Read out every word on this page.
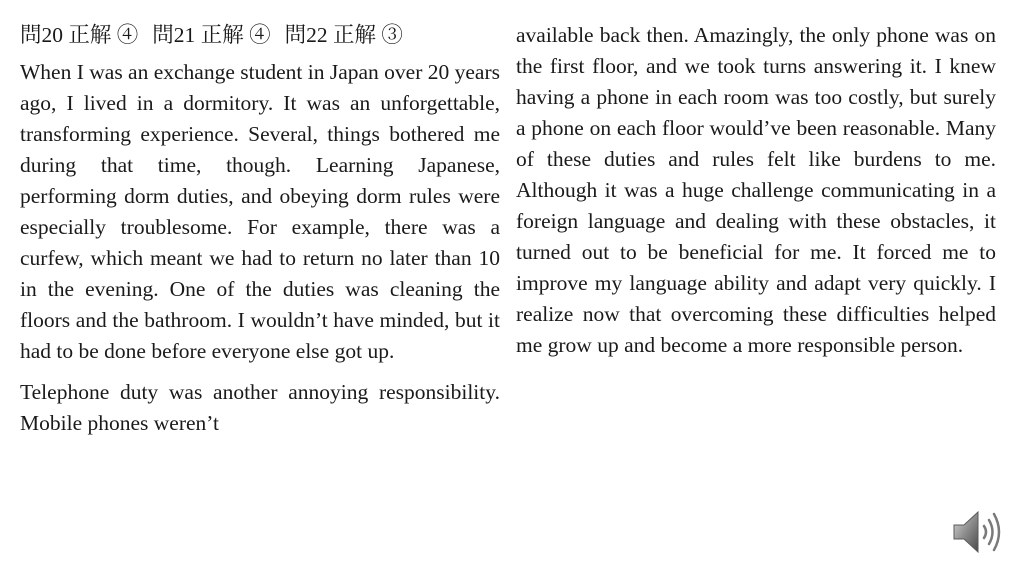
問20 正解 ④ 問21 正解 ④ 問22 正解 ③

When I was an exchange student in Japan over 20 years ago, I lived in a dormitory. It was an unforgettable, transforming experience. Several, things bothered me during that time, though. Learning Japanese, performing dorm duties, and obeying dorm rules were especially troublesome. For example, there was a curfew, which meant we had to return no later than 10 in the evening. One of the duties was cleaning the floors and the bathroom. I wouldn’t have minded, but it had to be done before everyone else got up.

Telephone duty was another annoying responsibility. Mobile phones weren’t

available back then. Amazingly, the only phone was on the first floor, and we took turns answering it. I knew having a phone in each room was too costly, but surely a phone on each floor would’ve been reasonable. Many of these duties and rules felt like burdens to me. Although it was a huge challenge communicating in a foreign language and dealing with these obstacles, it turned out to be beneficial for me. It forced me to improve my language ability and adapt very quickly. I realize now that overcoming these difficulties helped me grow up and become a more responsible person.
